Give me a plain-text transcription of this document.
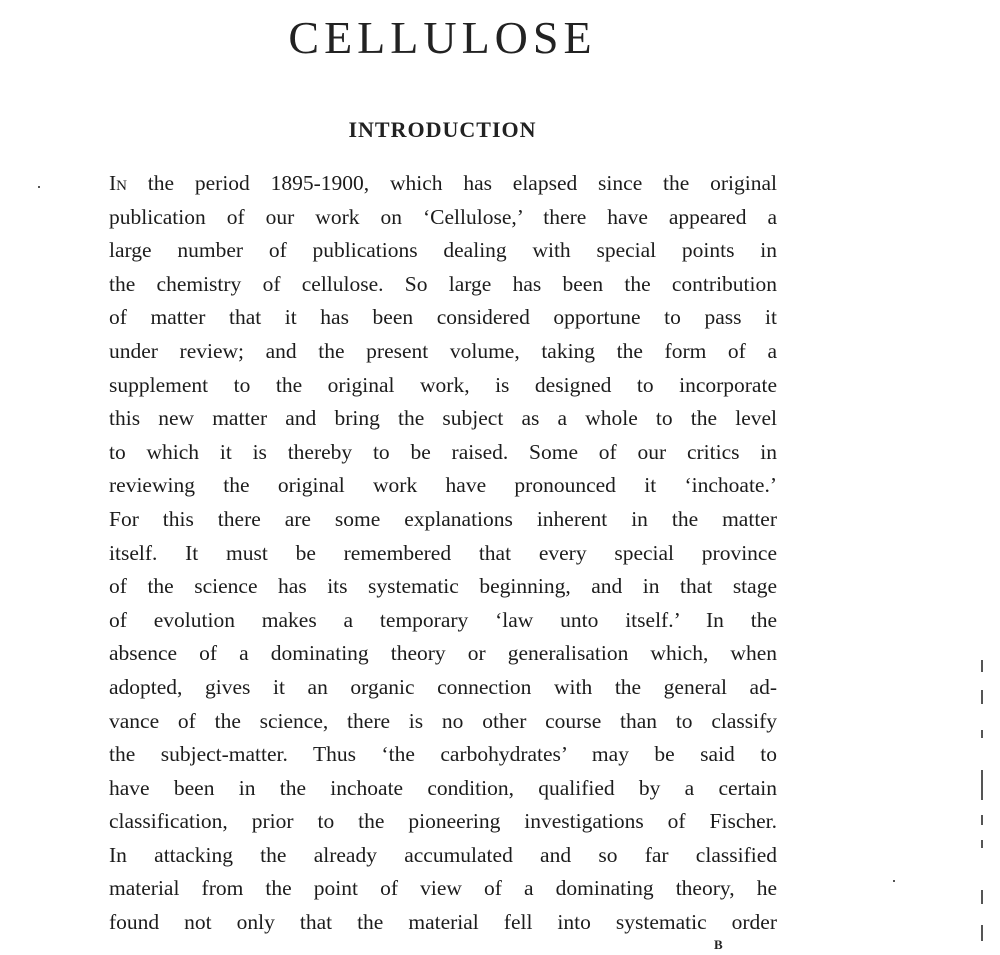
CELLULOSE
INTRODUCTION
In the period 1895-1900, which has elapsed since the original
publication of our work on ‘Cellulose,’ there have appeared a
large number of publications dealing with special points in
the chemistry of cellulose. So large has been the contribution
of matter that it has been considered opportune to pass it
under review; and the present volume, taking the form of a
supplement to the original work, is designed to incorporate
this new matter and bring the subject as a whole to the level
to which it is thereby to be raised. Some of our critics in
reviewing the original work have pronounced it ‘inchoate.’
For this there are some explanations inherent in the matter
itself. It must be remembered that every special province
of the science has its systematic beginning, and in that stage
of evolution makes a temporary ‘law unto itself.’ In the
absence of a dominating theory or generalisation which, when
adopted, gives it an organic connection with the general ad-
vance of the science, there is no other course than to classify
the subject-matter. Thus ‘the carbohydrates’ may be said to
have been in the inchoate condition, qualified by a certain
classification, prior to the pioneering investigations of Fischer.
In attacking the already accumulated and so far classified
material from the point of view of a dominating theory, he
found not only that the material fell into systematic order
B
